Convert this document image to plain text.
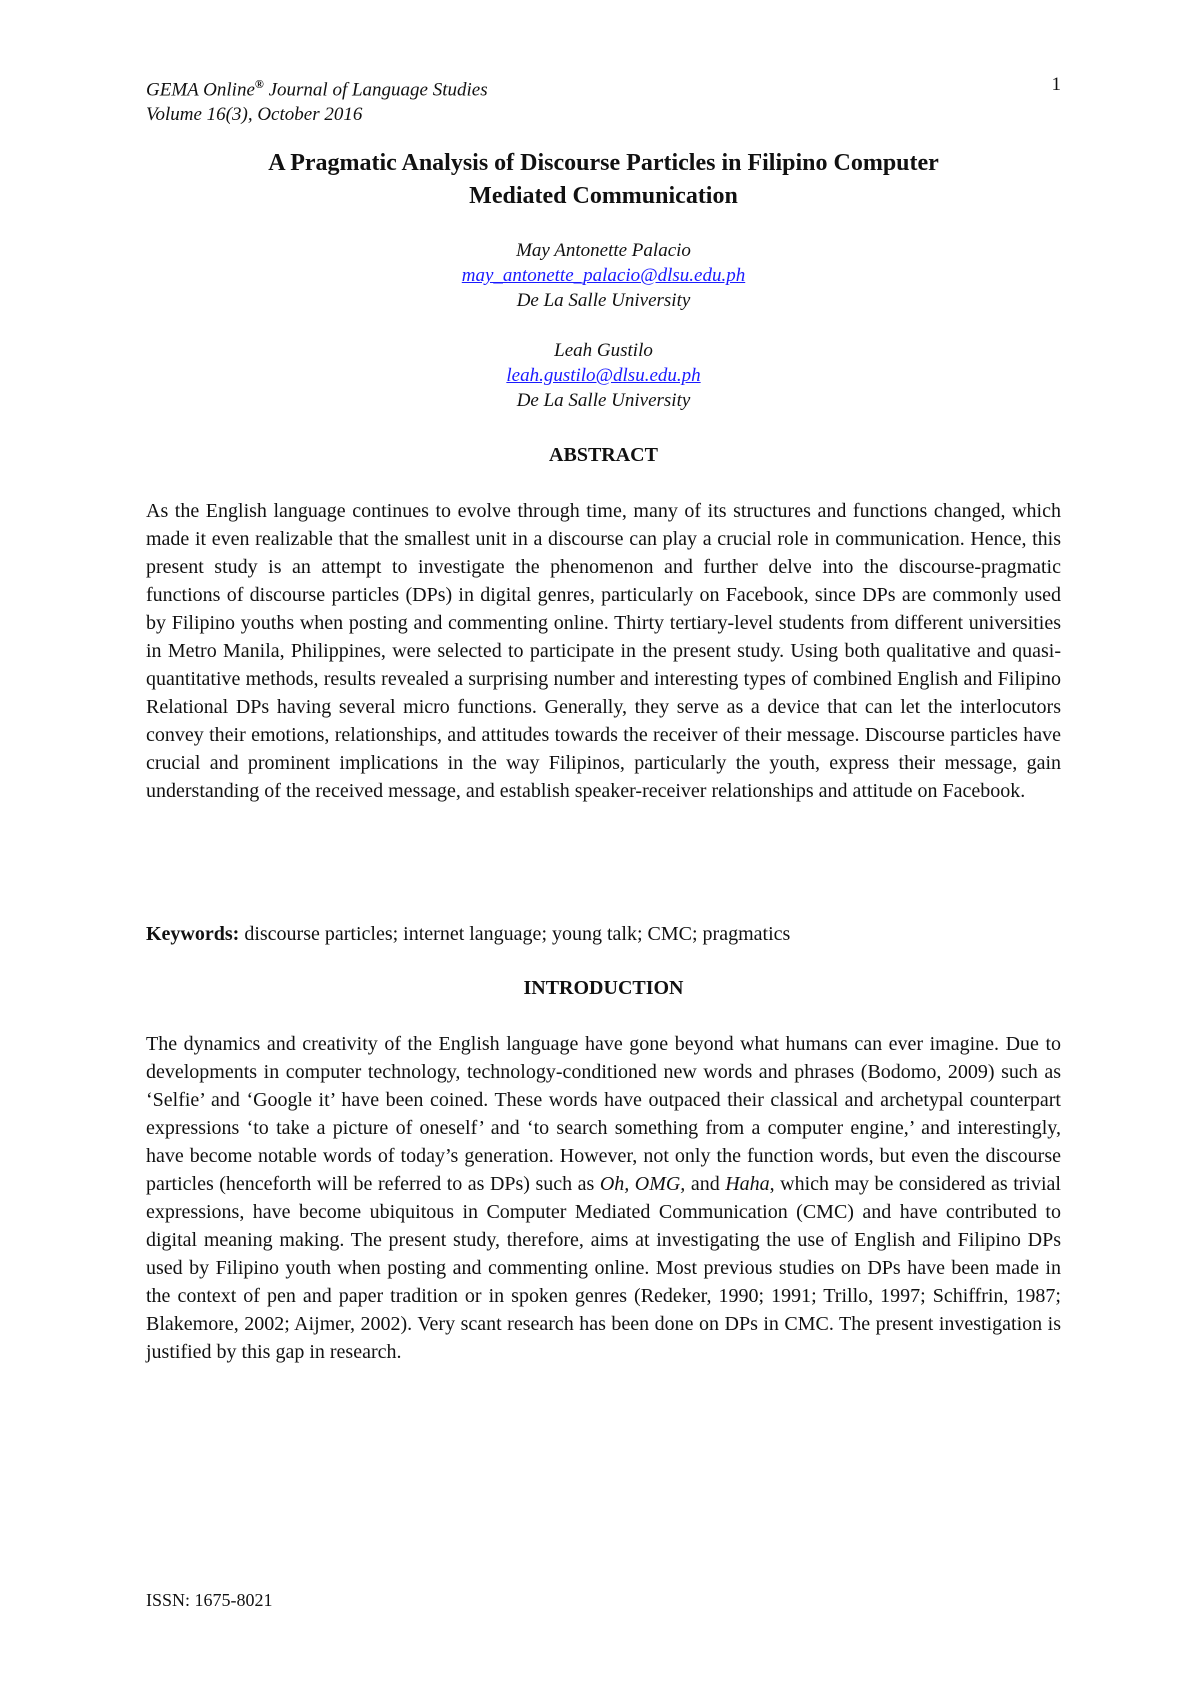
GEMA Online® Journal of Language Studies
Volume 16(3), October 2016
1
A Pragmatic Analysis of Discourse Particles in Filipino Computer
Mediated Communication
May Antonette Palacio
may_antonette_palacio@dlsu.edu.ph
De La Salle University
Leah Gustilo
leah.gustilo@dlsu.edu.ph
De La Salle University
ABSTRACT

As the English language continues to evolve through time, many of its structures and functions changed, which made it even realizable that the smallest unit in a discourse can play a crucial role in communication. Hence, this present study is an attempt to investigate the phenomenon and further delve into the discourse-pragmatic functions of discourse particles (DPs) in digital genres, particularly on Facebook, since DPs are commonly used by Filipino youths when posting and commenting online. Thirty tertiary-level students from different universities in Metro Manila, Philippines, were selected to participate in the present study. Using both qualitative and quasi-quantitative methods, results revealed a surprising number and interesting types of combined English and Filipino Relational DPs having several micro functions. Generally, they serve as a device that can let the interlocutors convey their emotions, relationships, and attitudes towards the receiver of their message. Discourse particles have crucial and prominent implications in the way Filipinos, particularly the youth, express their message, gain understanding of the received message, and establish speaker-receiver relationships and attitude on Facebook.

Keywords: discourse particles; internet language; young talk; CMC; pragmatics
INTRODUCTION

The dynamics and creativity of the English language have gone beyond what humans can ever imagine. Due to developments in computer technology, technology-conditioned new words and phrases (Bodomo, 2009) such as ‘Selfie’ and ‘Google it’ have been coined. These words have outpaced their classical and archetypal counterpart expressions ‘to take a picture of oneself’ and ‘to search something from a computer engine,’ and interestingly, have become notable words of today’s generation. However, not only the function words, but even the discourse particles (henceforth will be referred to as DPs) such as Oh, OMG, and Haha, which may be considered as trivial expressions, have become ubiquitous in Computer Mediated Communication (CMC) and have contributed to digital meaning making. The present study, therefore, aims at investigating the use of English and Filipino DPs used by Filipino youth when posting and commenting online. Most previous studies on DPs have been made in the context of pen and paper tradition or in spoken genres (Redeker, 1990; 1991; Trillo, 1997; Schiffrin, 1987; Blakemore, 2002; Aijmer, 2002). Very scant research has been done on DPs in CMC. The present investigation is justified by this gap in research.

ISSN: 1675-8021
